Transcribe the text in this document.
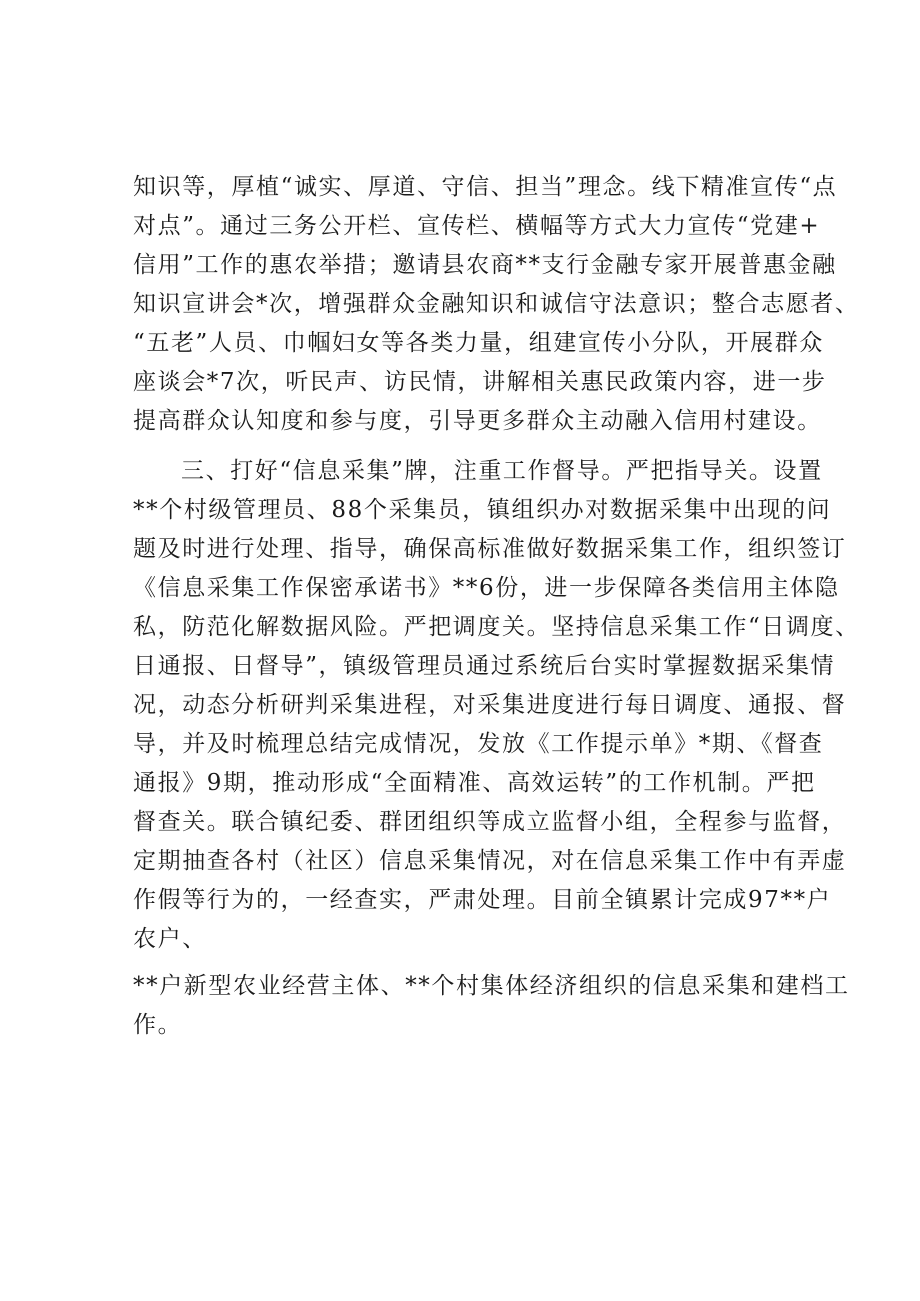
知识等，厚植“诚实、厚道、守信、担当”理念。线下精准宣传“点
对点”。通过三务公开栏、宣传栏、横幅等方式大力宣传“党建+
信用”工作的惠农举措；邀请县农商**支行金融专家开展普惠金融
知识宣讲会*次，增强群众金融知识和诚信守法意识；整合志愿者、
“五老”人员、巾帼妇女等各类力量，组建宣传小分队，开展群众
座谈会*7次，听民声、访民情，讲解相关惠民政策内容，进一步
提高群众认知度和参与度，引导更多群众主动融入信用村建设。
三、打好“信息采集”牌，注重工作督导。严把指导关。设置
**个村级管理员、88个采集员，镇组织办对数据采集中出现的问
题及时进行处理、指导，确保高标准做好数据采集工作，组织签订
《信息采集工作保密承诺书》**6份，进一步保障各类信用主体隐
私，防范化解数据风险。严把调度关。坚持信息采集工作“日调度、
日通报、日督导”，镇级管理员通过系统后台实时掌握数据采集情
况，动态分析研判采集进程，对采集进度进行每日调度、通报、督
导，并及时梳理总结完成情况，发放《工作提示单》*期、《督查
通报》9期，推动形成“全面精准、高效运转”的工作机制。严把
督查关。联合镇纪委、群团组织等成立监督小组，全程参与监督，
定期抽查各村（社区）信息采集情况，对在信息采集工作中有弄虚
作假等行为的，一经查实，严肃处理。目前全镇累计完成97**户
农户、
**户新型农业经营主体、**个村集体经济组织的信息采集和建档工
作。
